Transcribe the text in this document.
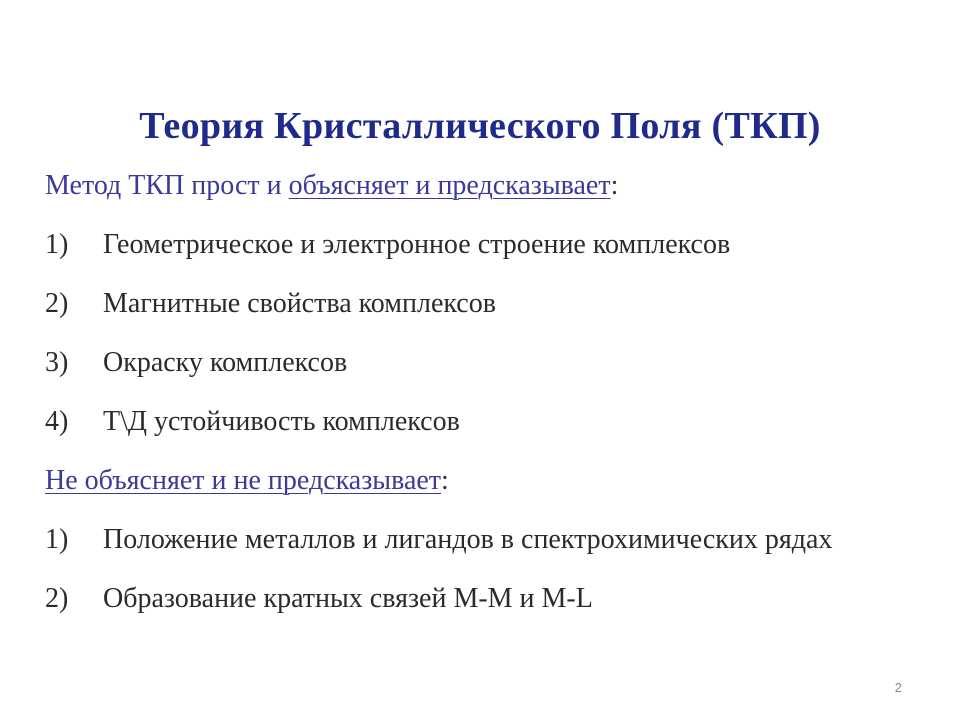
Теория Кристаллического Поля (ТКП)
Метод ТКП прост и объясняет и предсказывает:
1) Геометрическое и электронное строение комплексов
2) Магнитные свойства комплексов
3) Окраску комплексов
4) Т\Д устойчивость комплексов
Не объясняет и не предсказывает:
1) Положение металлов и лигандов в спектрохимических рядах
2) Образование кратных связей M-M и M-L
2
